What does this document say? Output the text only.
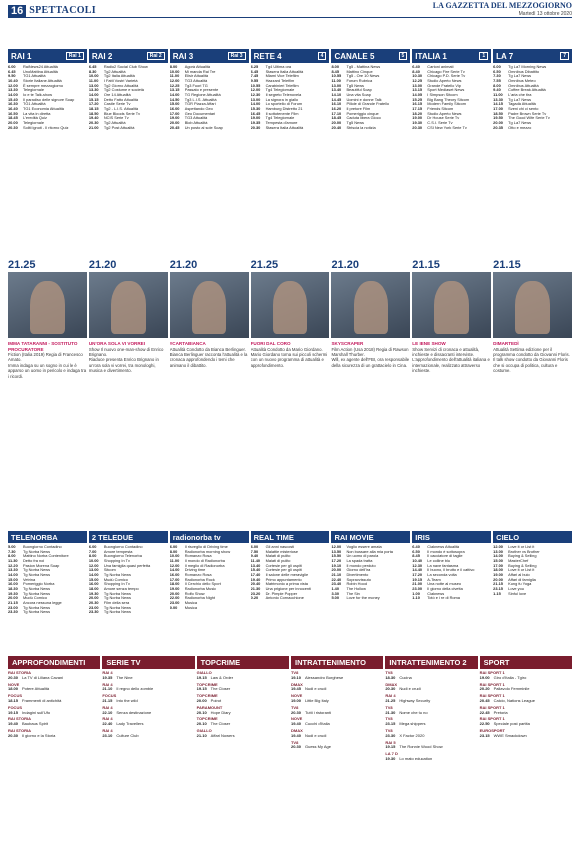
16 SPETTACOLI	LA GAZZETTA DEL MEZZOGIORNO
Martedì 13 ottobre 2020
RAI 1	Rai 1
6.00	RaiNews24 Attualità
6.45	UnoMattina Attualità
9.50	TG1 Attualità
10.40	Storie Italiane Attualità
12.00	È sempre mezzogiorno
13.30	Telegiornale
14.00	Io e te Talk-show
15.40	Il paradiso delle signore Soap
16.30	TG1 Attualità
16.40	TG1 Economia Attualità
16.50	La vita in diretta
18.45	L'eredità Quiz
20.00	Telegiornale
20.30	Soliti ignoti - Il ritorno Quiz
RAI 2	Rai 2
6.45	Radio2 Social Club Show
8.30	Tg2 Attualità
10.00	Tg2 Italia Attualità
11.00	I Fatti Vostri Varietà
13.00	Tg2 Giorno Attualità
13.30	Tg2 Costume e società
14.00	Ore 14 Attualità
15.15	Detto Fatto Attualità
17.20	Castle Serie Tv
18.15	Tg2 - L.I.S. Attualità
18.50	Blue Bloods Serie Tv
19.40	NCIS Serie Tv
20.30	Tg2 Attualità
21.00	Tg2 Post Attualità
RAI 3	Rai 3
8.00	Agorà Attualità
10.00	Mi manda Rai Tre
11.00	Elisir Attualità
12.00	TG3 Attualità
12.25	Tg3 Fuori TG
13.15	Passato e presente
14.00	TG Regione Attualità
14.50	Tg3 L.I.S. Attualità
15.00	TGR Piazza Affari
16.00	Aspettando Geo
17.00	Geo Documentari
19.00	TG3 Attualità
20.00	Blob Attualità
20.45	Un posto al sole Soap
RETE 4	4
6.25	Tg4 Ultima ora
6.45	Stasera Italia Attualità
7.45	Miami Vice Telefilm
9.55	Hazzard Telefilm
10.55	Carabinieri Telefilm
12.00	Tg4 Telegiornale
12.30	Il segreto Telenovela
13.00	La signora in giallo
14.00	Lo sportello di Forum
15.30	Hamburg Distretto 21
16.45	Il sottotenente Film
19.00	Tg4 Telegiornale
19.35	Tempesta d'amore
20.30	Stasera Italia Attualità
CANALE 5	5
8.00	Tg5 - Mattina News
8.45	Mattino Cinque
10.55	Tg5 - Ore 10 News
11.00	Forum Rubrica
13.00	Tg5 News
13.40	Beautiful Soap
14.10	Una vita Soap
14.45	Uomini e donne Talk
16.10	Pillole di Grande Fratello
16.20	Il pretore Film
17.10	Pomeriggio cinque
18.45	Caduta libera Gioco
20.00	Tg5 News
20.40	Striscia la notizia
ITALIA 1	1
6.40	Cartoni animati
8.40	Chicago Fire Serie Tv
10.30	Chicago P.D. Serie Tv
12.25	Studio Aperto News
13.00	Grande Fratello Vip
13.15	Sport Mediaset News
14.05	I Simpson Sitcom
15.25	Big Bang Theory Sitcom
16.15	Modern Family Sitcom
17.15	Friends Sitcom
18.20	Studio Aperto News
19.00	Dr House Serie Tv
19.30	C.S.I. Serie Tv
20.30	CSI New York Serie Tv
LA 7	7
6.00	Tg La7 Morning News
6.50	Omnibus Dibattito
7.30	Tg La7 News
7.55	Omnibus Meteo
8.00	Omnibus Attualità
9.40	Coffee Break Attualità
11.00	L'aria che tira
13.30	Tg La7 News
14.15	Tagadà Attualità
17.00	Sveni chi ci sento
18.50	Padre Brown Serie Tv
19.50	The Good Wife Serie Tv
20.00	Tg La7 News
20.35	Otto e mezzo
21.25
IMMA TATARANNI - SOSTITUTO PROCURATORE
Fiction (Italia 2019) Regia di Francesco Amato.
Imma indaga su un sogno in cui le è apparso un uomo in pericolo e indaga tra i ricordi.
21.20
UN'ORA SOLA VI VORREI
Show Il nuovo one-man-show di Enrico Brignano.
Riaduce presenta Enrico Brignano in un'ora sola vi vorrei, tra monologhi, musica e divertimento.
21.20
#CARTABIANCA
Attualità Condotto da Bianca Berlinguer.
Bianca Berlinguer racconta l'attualità e la cronaca approfondendo i temi che animano il dibattito.
21.25
FUORI DAL CORO
Attualità Condotto da Mario Giordano.
Mario Giordano torna sui piccoli schermi con un nuovo programma di attualità e approfondimento.
21.20
SKYSCRAPER
Film Action (Usa 2018) Regia di Rawson Marshall Thurber.
Will, ex agente dell'FBI, ora responsabile della sicurezza di un grattacielo in Cina.
21.15
LE IENE SHOW
Show Servizi di cronaca e attualità, inchieste e dissacranti interviste.
L'approfondimento dell'attualità italiana e internazionale, realizzato attraverso inchieste.
21.15
DIMARTEDÌ
Attualità Settima edizione per il programma condotto da Giovanni Floris.
Il talk show condotto da Giovanni Floris che si occupa di politica, cultura e costume.
TELENORBA
5.00	Buongiorno Contadino
7.30	Tg Norba News
8.00	Mattino Norba Contenitore
11.30	Detto fra noi
12.20	Pasion Morena Soap
13.30	Tg Norba News
14.00	Tg Norba News
15.00	Vetrina
16.00	Pomeriggio Norba
18.30	Tg Norba News
19.30	Tg Norba News
20.00	Mudù Comico
21.15	Ancora nessuna legge
23.00	Tg Norba News
23.30	Tg Norba News
2 TELEDUE
6.00	Buongiorno Contadino
7.00	Amore tempesta
8.00	Buongiorno Telenorba
10.00	Shopping In Tv
12.00	Una famiglia quasi perfetta
13.00	Sitcom
14.00	Tg Norba News
15.00	Mudù Comico
16.00	Shopping In Tv
18.00	Amore senza tempo
19.30	Tg Norba News
20.00	Tg Norba News
20.30	Film della sera
23.00	Tg Norba News
23.30	Tg Norba News
radionorba tv
6.00	Il risveglio di Driving time
8.00	Radionorba morning show
10.00	Romanzo Rosa
11.00	Il mondo di Radionorba
12.00	Il meglio di Radionorba
14.00	Driving time
16.00	Romanzo Rosa
17.00	Radionorba Rock
18.00	Il Cerchio dello Sport
19.00	Radionorba Music
20.00	Rolfo Show
22.00	Radionorba Night
23.00	Musica
0.00	Musica
REAL TIME
6.00	Gli anni nascosti
7.50	Malattie misteriose
9.40	Malati di pulito
11.40	Malati di pulito
13.40	Cortesie per gli ospiti
15.40	Cortesie per gli ospiti
17.40	Il salone delle meraviglie
19.40	Primo appuntamento
20.40	Matrimonio a prima vista
21.30	Una prigione per innocenti
23.20	Dr. Pimple Popper
0.20	Antonio Cornacchione
RAI MOVIE
12.00	Voglio essere amata
13.50	Non bussare alla mia porta
15.50	Un uomo di parola
17.20	La spada tratta
19.10	Il mondo perduto
20.00	Giorno dell'ira
21.10	Divertimento
22.40	Sopravvissuto
23.40	Robin Hood
1.40	The Hollow
3.30	The Sin
5.00	Love for the money
IRIS
6.40	Ciaknews Attualità
6.50	Il mondo è sottosopra
8.45	Il cacciatore di taglie
10.40	Le colline blu
12.30	La nave fantasma
14.40	Il buono, il brutto e il cattivo
17.20	La seconda volta
19.15	A-Team
21.00	Una notte al museo
23.00	Il giorno della civetta
1.00	Ciaknews
1.10	Totò e i re di Roma
CIELO
12.00	Love it or List it
13.00	Brother vs Brother
14.00	Buying & Selling
15.00	MasterChef
17.00	Buying & Selling
18.00	Love it or List it
19.00	Affari al buio
20.00	Affari di famiglia
21.15	Kung fu Yoga
23.15	Love you
1.15	Sinful love
APPROFONDIMENTI
RAI STORIA
20.30 La TV di Liliana Cavani
NOVE
18.00 Potere Attualità
FOCUS
18.15 Frammenti di antichità
FOCUS
19.15 Indagini sull'Ufo
RAI STORIA
19.40 Baubaus Spirit
RAI STORIA
20.30 Il giorno e la Storia
SERIE TV
RAI 4
19.35 The Nine
RAI 4
21.10 Il regno dello zombie
FOCUS
21.15 Into the wild
RAI 4
22.10 Senza destinazione
RAI 4
22.40 Lady Travellers
RAI 4
23.10 Culture Club
TOPCRIME
GIALLO
19.15 Law & Order
TOPCRIME
19.15 The Closer
TOPCRIME
20.00 Poirot
PARAMOUNT
20.10 Hope Diary
TOPCRIME
20.10 The Closer
GIALLO
21.10 Affari Nowers
INTRATTENIMENTO
TV8
19.10 Alessandro Borghese
DMAX
19.45 Nudi e crudi
NOVE
19.00 Little Big Italy
TV8
20.30 Tutti i ristoranti
NOVE
19.40 Cucchi d'Italia
DMAX
19.40 Nudi e crudi
TV8
20.30 Guess My Age
INTRATTENIMENTO 2
TV8
18.30 Cucina
DMAX
20.30 Nudi e crudi
RAI 4
21.25 Highway Security
TV8
21.30 Nome che tu no
TV8
23.15 Mega shippers
TV8
23.30 X Factor 2020
RAI 5
19.15 The Ronnie Wood Show
LA 7 D
19.30 Lo mato education
SPORT
RAI SPORT 1
19.00 Giro d'Italia - Tgiro
RAI SPORT 1
20.20 Pallavolo Femminile
RAI SPORT 1
20.45 Calcio, Nations League
RAI SPORT 1
22.45 Pretoria
RAI SPORT 1
22.50 Speciale post partita
EUROSPORT
23.15 WWE Smackdown
